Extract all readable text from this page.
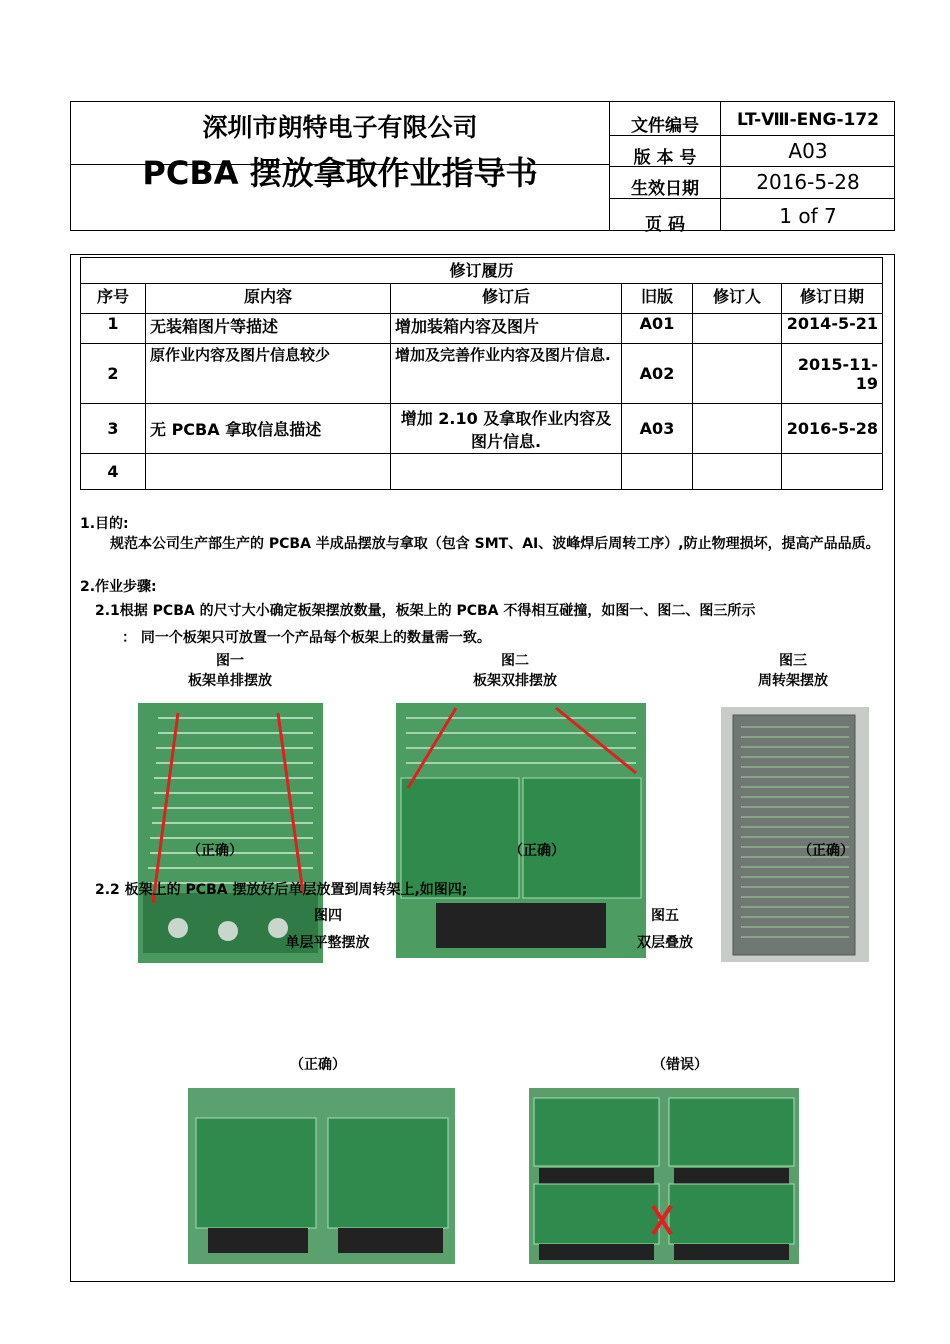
深圳市朗特电子有限公司
PCBA 摆放拿取作业指导书
文件编号	LT-Ⅷ-ENG-172
版 本 号	A03
生效日期	2016-5-28
页 码	1 of 7
修订履历					
序号	原内容	修订后	旧版	修订人	修订日期
1	无装箱图片等描述	增加装箱内容及图片	A01		2014-5-21
2	原作业内容及图片信息较少	增加及完善作业内容及图片信息.	A02		2015-11-19
3	无 PCBA 拿取信息描述	增加 2.10 及拿取作业内容及图片信息.	A03		2016-5-28
4					
1.目的:
规范本公司生产部生产的 PCBA 半成品摆放与拿取（包含 SMT、AI、波峰焊后周转工序）,防止物理损坏，提高产品品质。
2.作业步骤:
2.1根据 PCBA 的尺寸大小确定板架摆放数量，板架上的 PCBA 不得相互碰撞，如图一、图二、图三所示
： 同一个板架只可放置一个产品每个板架上的数量需一致。
图一
板架单排摆放
图二
板架双排摆放
图三
周转架摆放
（正确）	（正确）	（正确）
2.2 板架上的 PCBA 摆放好后单层放置到周转架上,如图四;
图四
单层平整摆放
图五
双层叠放
（正确）	（错误）
